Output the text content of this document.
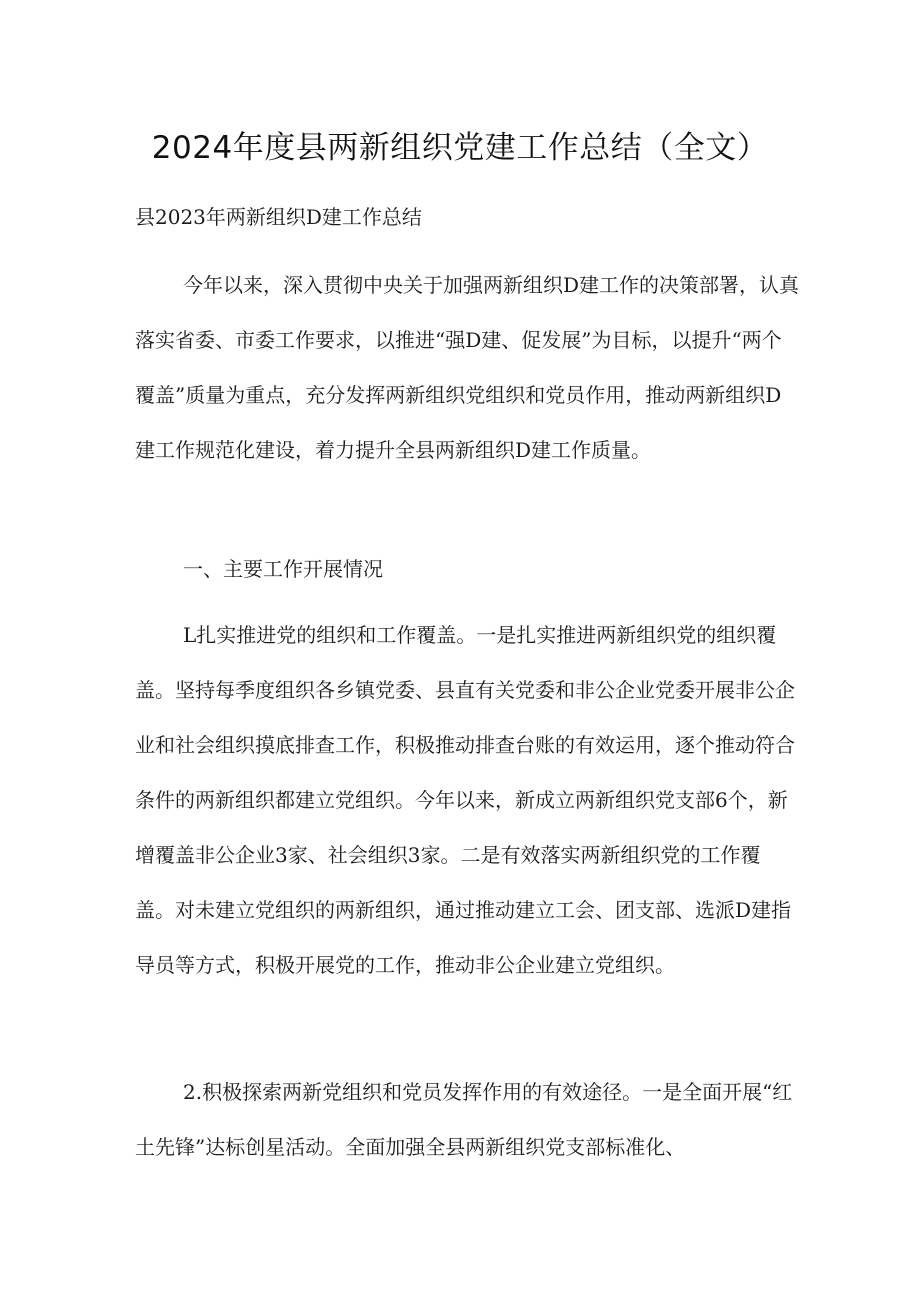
2024年度县两新组织党建工作总结（全文）
县2023年两新组织D建工作总结
今年以来，深入贯彻中央关于加强两新组织D建工作的决策部署，认真落实省委、市委工作要求，以推进“强D建、促发展”为目标，以提升“两个覆盖”质量为重点，充分发挥两新组织党组织和党员作用，推动两新组织D建工作规范化建设，着力提升全县两新组织D建工作质量。
一、主要工作开展情况
L扎实推进党的组织和工作覆盖。一是扎实推进两新组织党的组织覆盖。坚持每季度组织各乡镇党委、县直有关党委和非公企业党委开展非公企业和社会组织摸底排查工作，积极推动排查台账的有效运用，逐个推动符合条件的两新组织都建立党组织。今年以来，新成立两新组织党支部6个，新增覆盖非公企业3家、社会组织3家。二是有效落实两新组织党的工作覆盖。对未建立党组织的两新组织，通过推动建立工会、团支部、选派D建指导员等方式，积极开展党的工作，推动非公企业建立党组织。
2.积极探索两新党组织和党员发挥作用的有效途径。一是全面开展“红土先锋”达标创星活动。全面加强全县两新组织党支部标准化、
